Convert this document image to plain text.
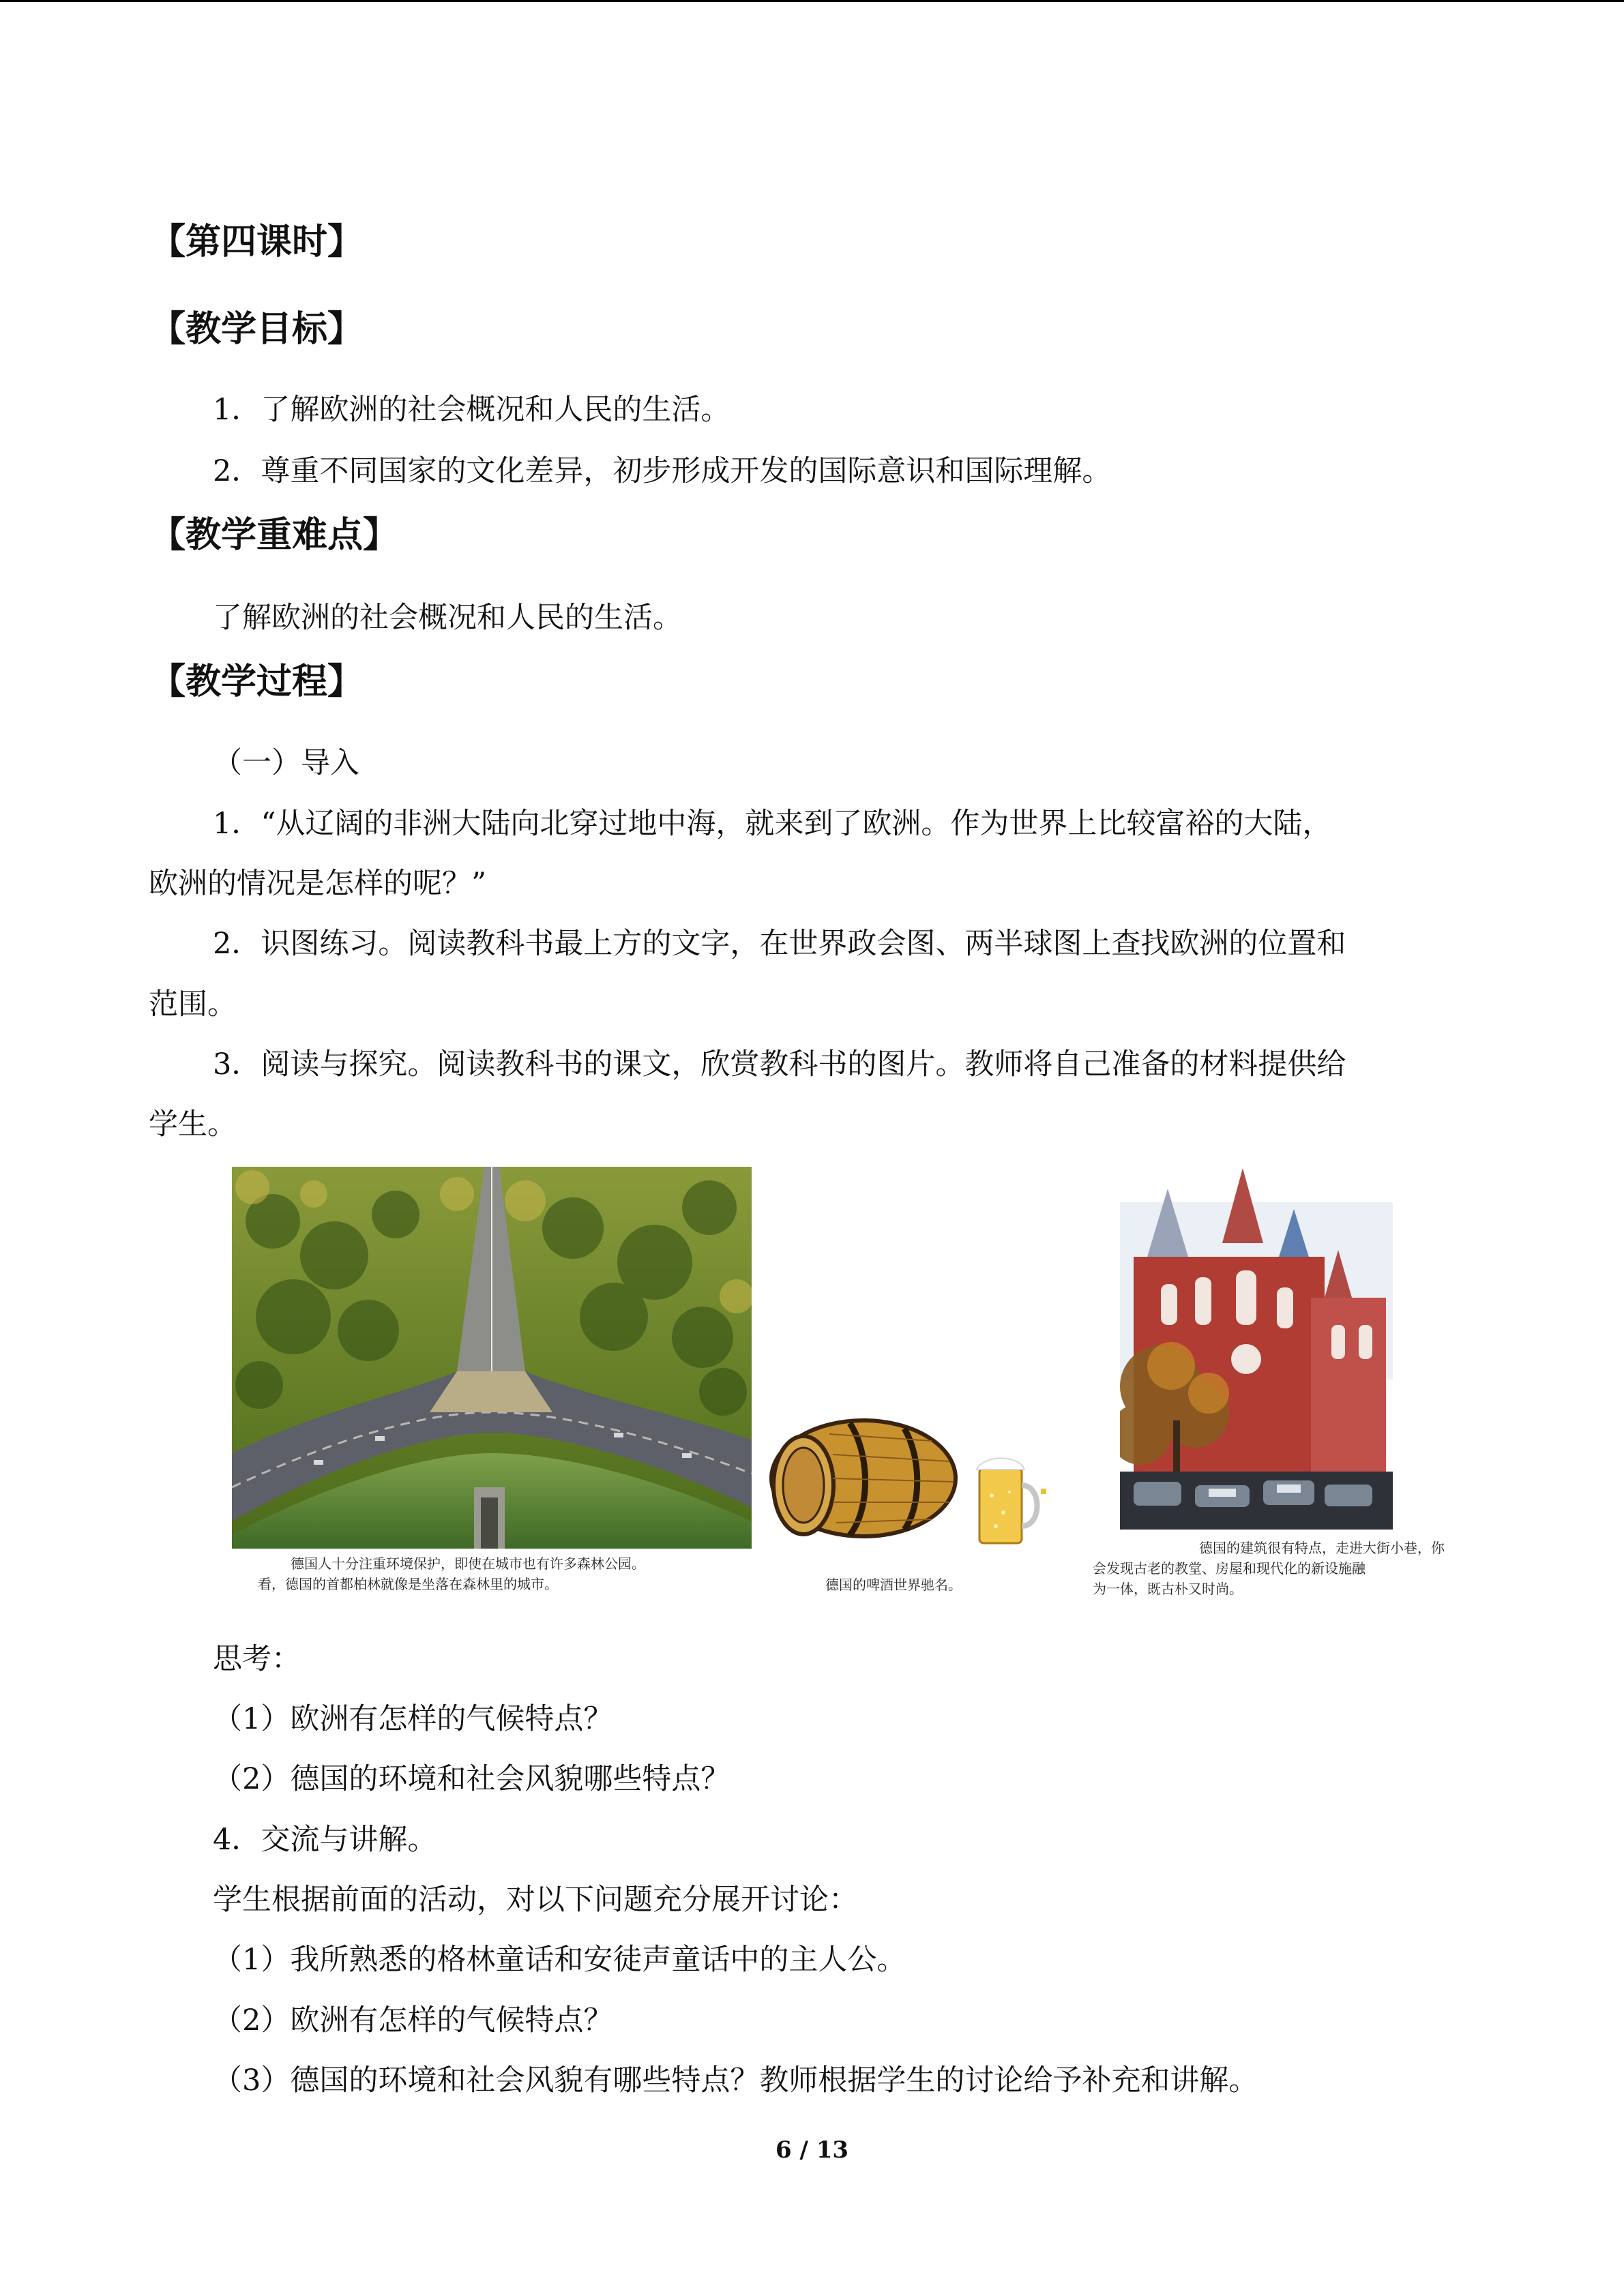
【第四课时】
【教学目标】
1．了解欧洲的社会概况和人民的生活。
2．尊重不同国家的文化差异，初步形成开发的国际意识和国际理解。
【教学重难点】
了解欧洲的社会概况和人民的生活。
【教学过程】
（一）导入
1．“从辽阔的非洲大陆向北穿过地中海，就来到了欧洲。作为世界上比较富裕的大陆，
欧洲的情况是怎样的呢？”
2．识图练习。阅读教科书最上方的文字，在世界政会图、两半球图上查找欧洲的位置和
范围。
3．阅读与探究。阅读教科书的课文，欣赏教科书的图片。教师将自己准备的材料提供给
学生。
德国人十分注重环境保护，即使在城市也有许多森林公园。
看，德国的首都柏林就像是坐落在森林里的城市。	德国的啤酒世界驰名。
德国的建筑很有特点，走进大街小巷，你
会发现古老的教堂、房屋和现代化的新设施融
为一体，既古朴又时尚。
思考：
（1）欧洲有怎样的气候特点？
（2）德国的环境和社会风貌哪些特点？
4．交流与讲解。
学生根据前面的活动，对以下问题充分展开讨论：
（1）我所熟悉的格林童话和安徒声童话中的主人公。
（2）欧洲有怎样的气候特点？
（3）德国的环境和社会风貌有哪些特点？教师根据学生的讨论给予补充和讲解。
6 / 13
